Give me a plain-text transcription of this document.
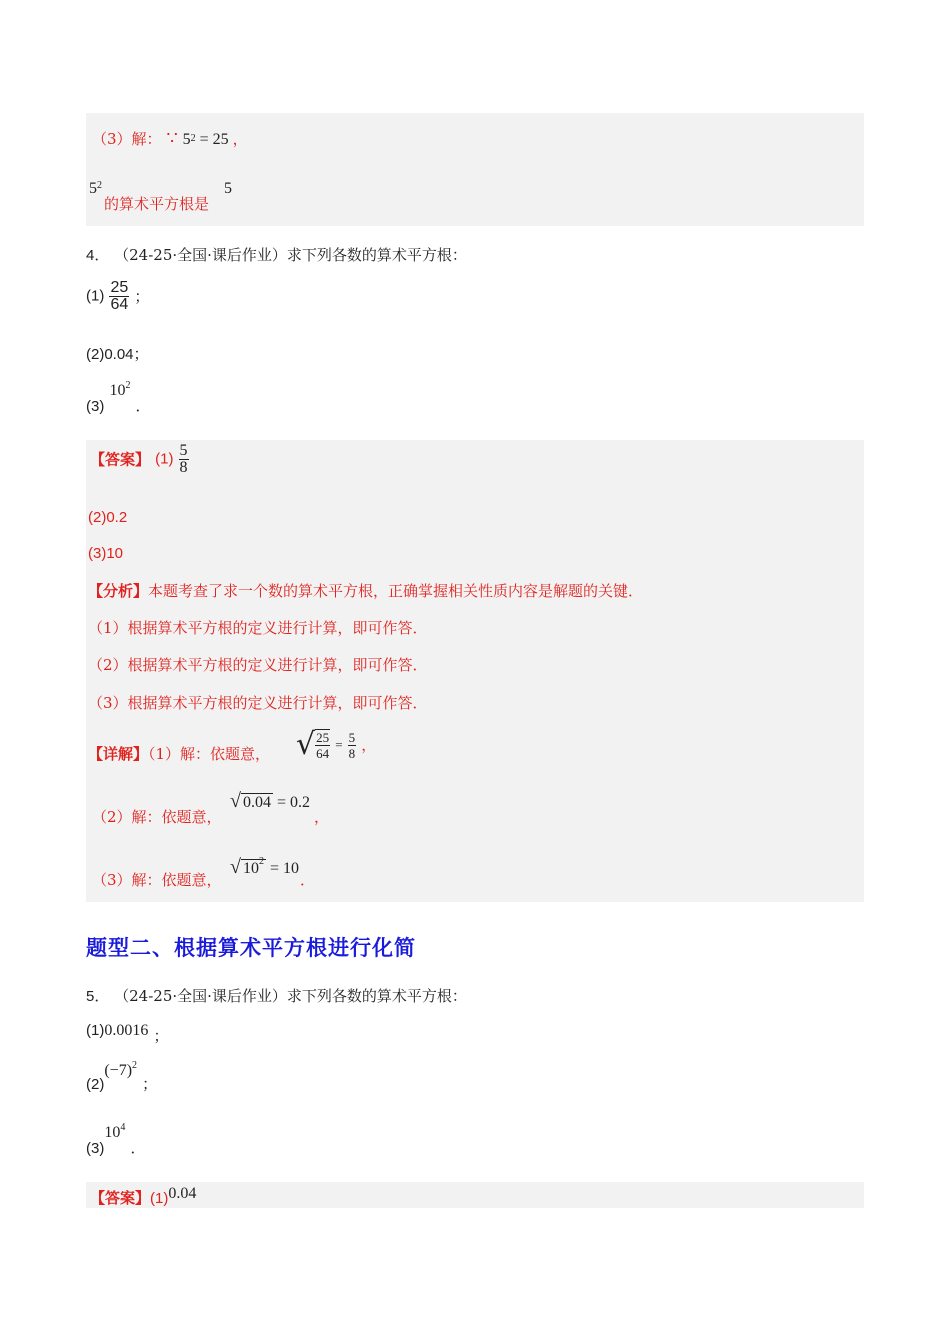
（3）解： ∵ $5^2 = 25$ ，
$5^2$
的算术平方根是
5
4． （24-25·全国·课后作业）求下列各数的算术平方根：
$(1) \frac{25}{64}$ ；
(2)0.04；
(3) $10^2$ ．
【答案】 $(1) \frac{5}{8}$
(2)0.2
(3)10
【分析】本题考查了求一个数的算术平方根，正确掌握相关性质内容是解题的关键．
（1）根据算术平方根的定义进行计算，即可作答．
（2）根据算术平方根的定义进行计算，即可作答．
（3）根据算术平方根的定义进行计算，即可作答．
【详解】（1）解：依题意， √ $\frac{25}{64} = \frac{5}{8}$ ，
（2）解：依题意，
√ 0.04 = 0.2
，
（3）解：依题意，
√ $10^2 = 10$
．
题型二、根据算术平方根进行化简
5． （24-25·全国·课后作业）求下列各数的算术平方根：
(1)0.0016 ；
$(2)(-7)^2$ ；
$(3)10^4$ ．
【答案】(1)0.04
